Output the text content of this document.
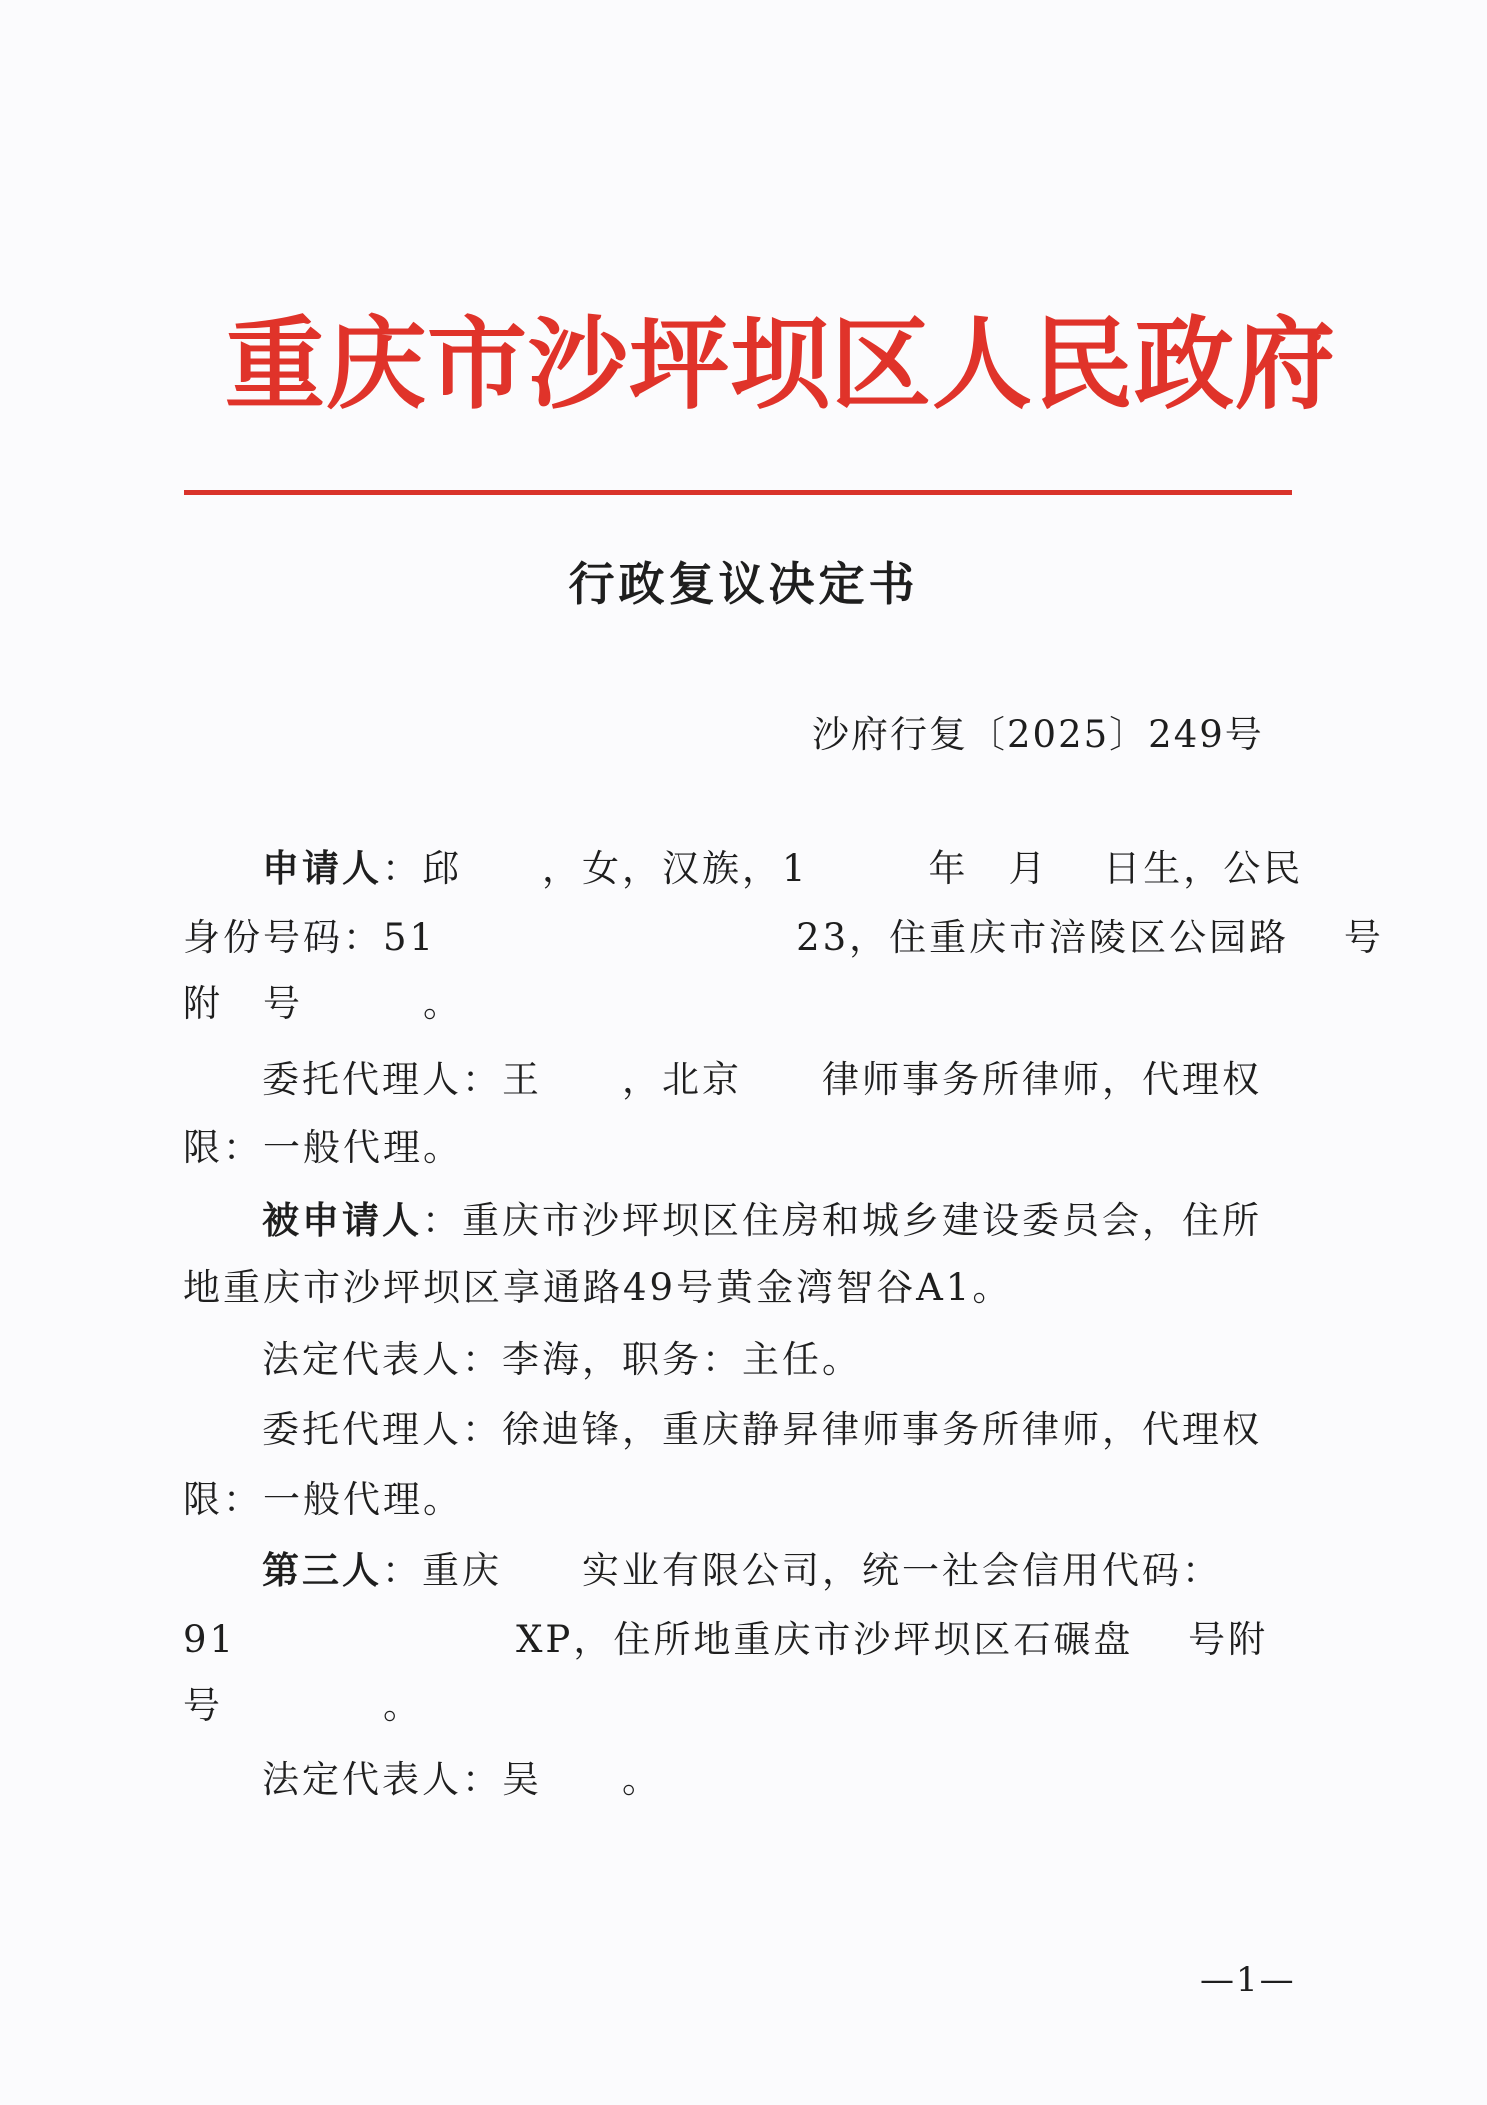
重庆市沙坪坝区人民政府
行政复议决定书
沙府行复〔2025〕249号
申请人：邱　　，女，汉族，1　　　年　月　 日生，公民
身份号码：51　　　　　　　　　23，住重庆市涪陵区公园路　 号
附　号　　　。
委托代理人：王　　，北京　　律师事务所律师，代理权
限：一般代理。
被申请人：重庆市沙坪坝区住房和城乡建设委员会，住所
地重庆市沙坪坝区享通路49号黄金湾智谷A1。
法定代表人：李海，职务：主任。
委托代理人：徐迪锋，重庆静昇律师事务所律师，代理权
限：一般代理。
第三人：重庆　　实业有限公司，统一社会信用代码：
91　　　　　　　XP，住所地重庆市沙坪坝区石碾盘　 号附
号　　　　。
法定代表人：吴　　。
—1—
